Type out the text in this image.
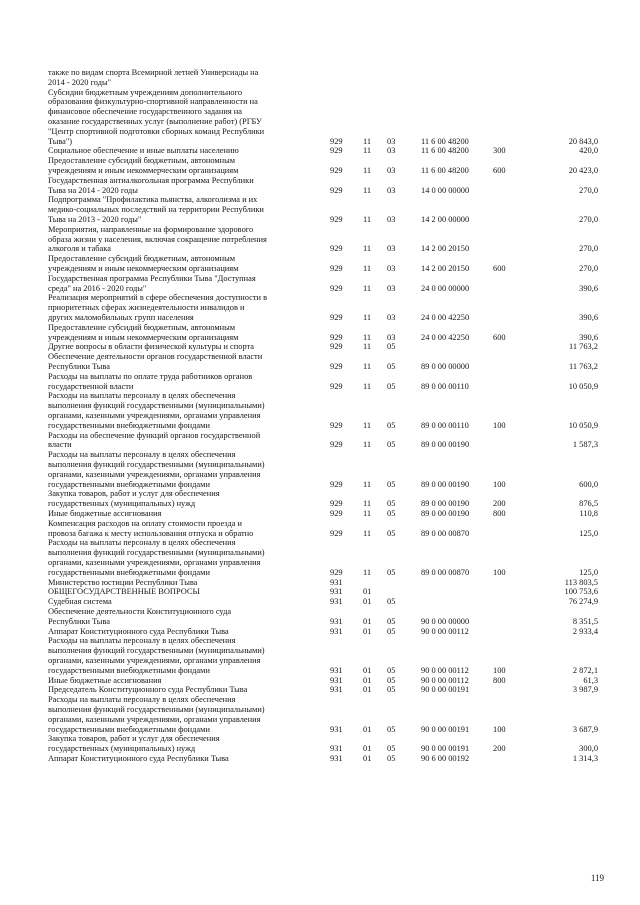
также по видам спорта Всемирной летней Универсиады на
2014 - 2020 годы"
Субсидии бюджетным учреждениям дополнительного
образования физкультурно-спортивной направленности на
финансовое обеспечение государственного задания на
оказание государственных услуг (выполнение работ) (РГБУ
"Центр спортивной подготовки сборных команд Республики
Тыва")	929	11	03	11 6 00 48200	20 843,0
Социальное обеспечение и иные выплаты населению	929	11	03	11 6 00 48200	300	420,0
Предоставление субсидий бюджетным, автономным
учреждениям и иным некоммерческим организациям	929	11	03	11 6 00 48200	600	20 423,0
Государственная антиалкогольная программа Республики
Тыва на 2014 - 2020 годы	929	11	03	14 0 00 00000	270,0
Подпрограмма "Профилактика пьянства, алкоголизма и их
медико-социальных последствий на территории Республики
Тыва на 2013 - 2020 годы"	929	11	03	14 2 00 00000	270,0
Мероприятия, направленные на формирование здорового
образа жизни у населения, включая сокращение потребления
алкоголя и табака	929	11	03	14 2 00 20150	270,0
Предоставление субсидий бюджетным, автономным
учреждениям и иным некоммерческим организациям	929	11	03	14 2 00 20150	600	270,0
Государственная программа Республики Тыва "Доступная
среда" на 2016 - 2020 годы"	929	11	03	24 0 00 00000	390,6
Реализация мероприятий в сфере обеспечения доступности в
приоритетных сферах жизнедеятельности инвалидов и
других маломобильных групп населения	929	11	03	24 0 00 42250	390,6
Предоставление субсидий бюджетным, автономным
учреждениям и иным некоммерческим организациям	929	11	03	24 0 00 42250	600	390,6
Другие вопросы в области физической культуры и спорта	929	11	05	11 763,2
Обеспечение деятельности органов государственной власти
Республики Тыва	929	11	05	89 0 00 00000	11 763,2
Расходы на выплаты по оплате труда работников органов
государственной власти	929	11	05	89 0 00 00110	10 050,9
Расходы на выплаты персоналу в целях обеспечения
выполнения функций государственными (муниципальными)
органами, казенными учреждениями, органами управления
государственными внебюджетными фондами	929	11	05	89 0 00 00110	100	10 050,9
Расходы на обеспечение функций органов государственной
власти	929	11	05	89 0 00 00190	1 587,3
Расходы на выплаты персоналу в целях обеспечения
выполнения функций государственными (муниципальными)
органами, казенными учреждениями, органами управления
государственными внебюджетными фондами	929	11	05	89 0 00 00190	100	600,0
Закупка товаров, работ и услуг для обеспечения
государственных (муниципальных) нужд	929	11	05	89 0 00 00190	200	876,5
Иные бюджетные ассигнования	929	11	05	89 0 00 00190	800	110,8
Компенсация расходов на оплату стоимости проезда и
провоза багажа к месту использования отпуска и обратно	929	11	05	89 0 00 00870	125,0
Расходы на выплаты персоналу в целях обеспечения
выполнения функций государственными (муниципальными)
органами, казенными учреждениями, органами управления
государственными внебюджетными фондами	929	11	05	89 0 00 00870	100	125,0
Министерство юстиции Республики Тыва	931	113 803,5
ОБЩЕГОСУДАРСТВЕННЫЕ ВОПРОСЫ	931	01	100 753,6
Судебная система	931	01	05	76 274,9
Обеспечение деятельности Конституционного суда
Республики Тыва	931	01	05	90 0 00 00000	8 351,5
Аппарат Конституционного суда Республики Тыва	931	01	05	90 0 00 00112	2 933,4
Расходы на выплаты персоналу в целях обеспечения
выполнения функций государственными (муниципальными)
органами, казенными учреждениями, органами управления
государственными внебюджетными фондами	931	01	05	90 0 00 00112	100	2 872,1
Иные бюджетные ассигнования	931	01	05	90 0 00 00112	800	61,3
Председатель Конституционного суда Республики Тыва	931	01	05	90 0 00 00191	3 987,9
Расходы на выплаты персоналу в целях обеспечения
выполнения функций государственными (муниципальными)
органами, казенными учреждениями, органами управления
государственными внебюджетными фондами	931	01	05	90 0 00 00191	100	3 687,9
Закупка товаров, работ и услуг для обеспечения
государственных (муниципальных) нужд	931	01	05	90 0 00 00191	200	300,0
Аппарат Конституционного суда Республики Тыва	931	01	05	90 6 00 00192	1 314,3
119
